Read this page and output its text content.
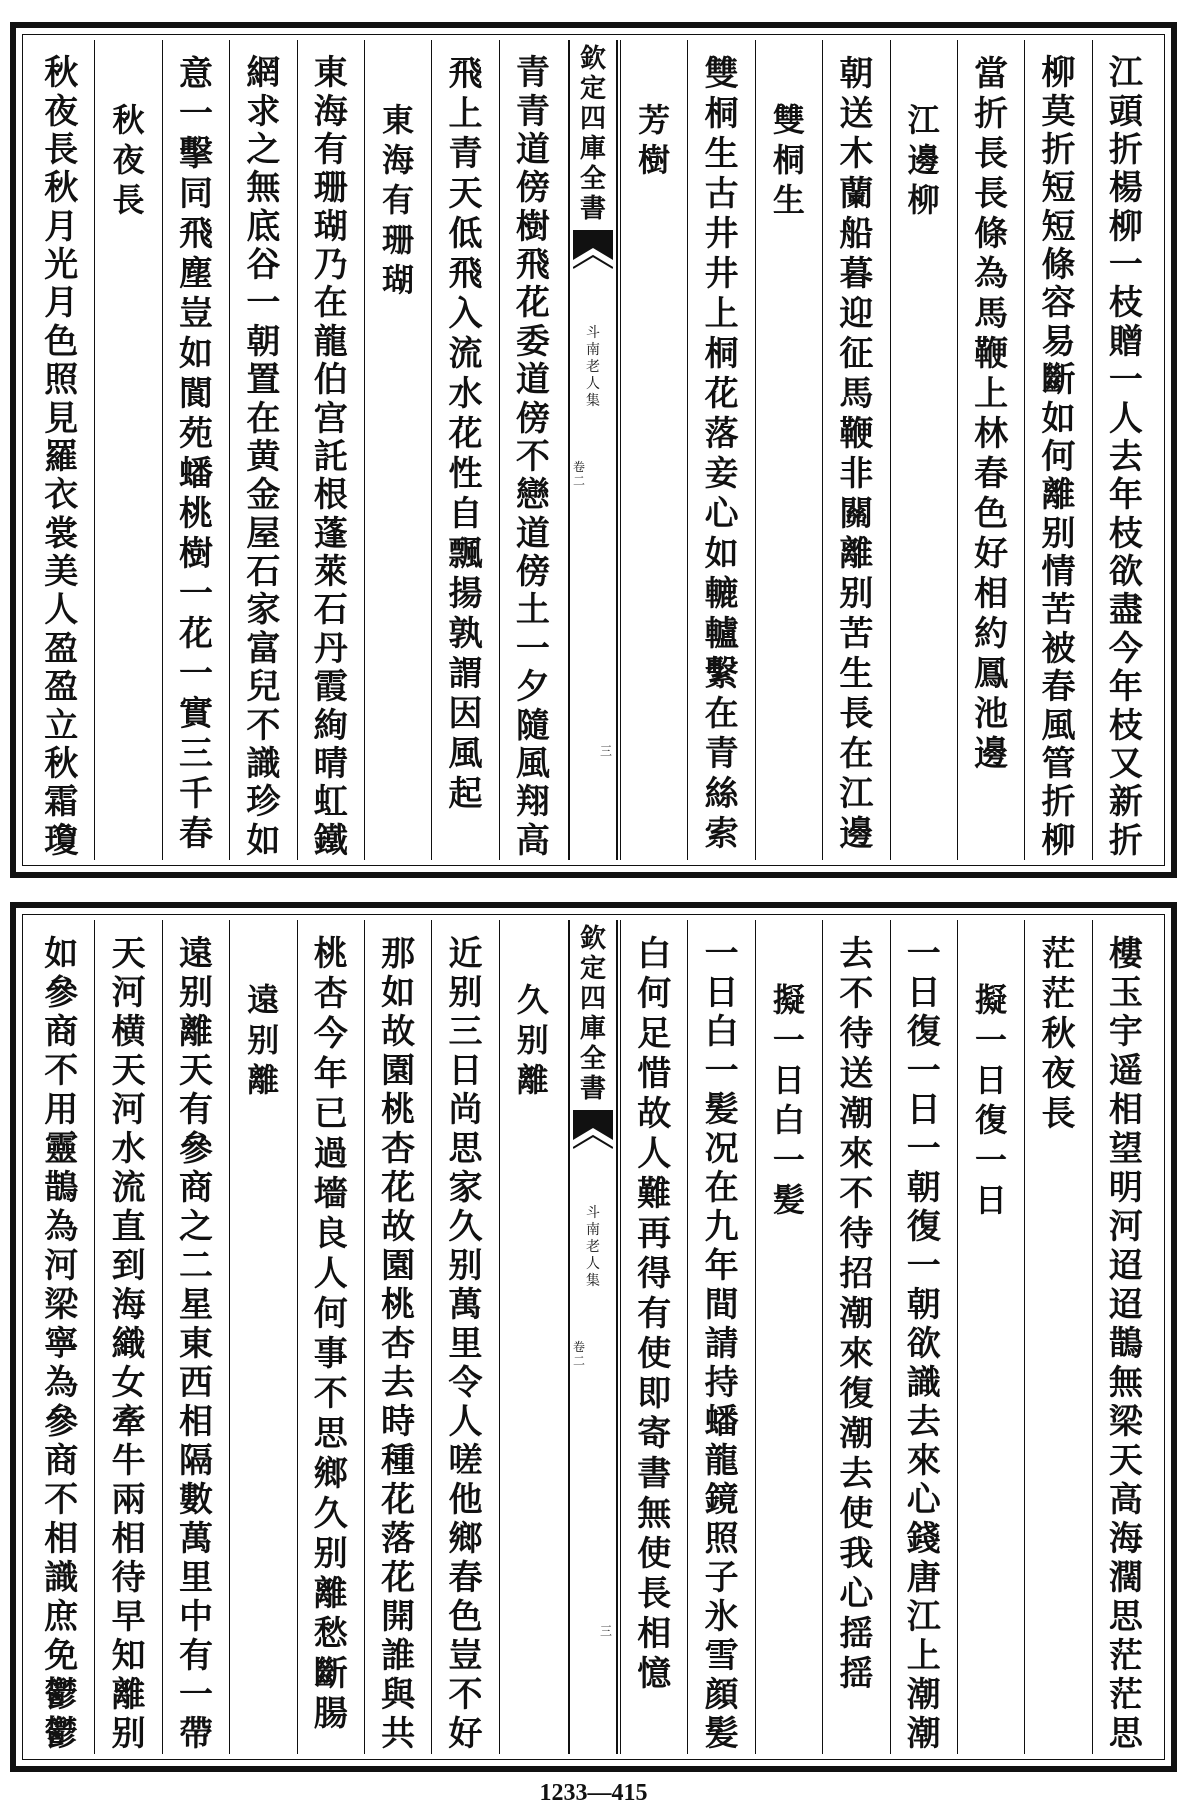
江
頭
折
楊
柳
一
枝
贈
一
人
去
年
枝
欲
盡
今
年
枝
又
新
折
柳
莫
折
短
短
條
容
易
斷
如
何
離
别
情
苦
被
春
風
管
折
柳
當
折
長
長
條
為
馬
鞭
上
林
春
色
好
相
約
鳳
池
邊
江
邊
柳
朝
送
木
蘭
船
暮
迎
征
馬
鞭
非
關
離
别
苦
生
長
在
江
邊
雙
桐
生
雙
桐
生
古
井
井
上
桐
花
落
妾
心
如
轆
轤
繫
在
青
絲
索
芳
樹
欽
定
四
庫
全
書
斗
南
老
人
集
卷
二
三
青
青
道
傍
樹
飛
花
委
道
傍
不
戀
道
傍
土
一
夕
隨
風
翔
高
飛
上
青
天
低
飛
入
流
水
花
性
自
飄
揚
孰
謂
因
風
起
東
海
有
珊
瑚
東
海
有
珊
瑚
乃
在
龍
伯
宫
託
根
蓬
萊
石
丹
霞
絢
晴
虹
鐵
網
求
之
無
底
谷
一
朝
置
在
黄
金
屋
石
家
富
兒
不
識
珍
如
意
一
擊
同
飛
塵
豈
如
閬
苑
蟠
桃
樹
一
花
一
實
三
千
春
秋
夜
長
秋
夜
長
秋
月
光
月
色
照
見
羅
衣
裳
美
人
盈
盈
立
秋
霜
瓊
樓
玉
宇
遥
相
望
明
河
迢
迢
鵲
無
梁
天
高
海
濶
思
茫
茫
思
茫
茫
秋
夜
長
擬
一
日
復
一
日
一
日
復
一
日
一
朝
復
一
朝
欲
識
去
來
心
錢
唐
江
上
潮
潮
去
不
待
送
潮
來
不
待
招
潮
來
復
潮
去
使
我
心
揺
揺
擬
一
日
白
一
髪
一
日
白
一
髪
况
在
九
年
間
請
持
蟠
龍
鏡
照
子
氷
雪
顔
髪
白
何
足
惜
故
人
難
再
得
有
使
即
寄
書
無
使
長
相
憶
欽
定
四
庫
全
書
斗
南
老
人
集
卷
二
三
久
别
離
近
别
三
日
尚
思
家
久
别
萬
里
令
人
嗟
他
鄉
春
色
豈
不
好
那
如
故
園
桃
杏
花
故
園
桃
杏
去
時
種
花
落
花
開
誰
與
共
桃
杏
今
年
已
過
墻
良
人
何
事
不
思
鄉
久
别
離
愁
斷
腸
遠
别
離
遠
别
離
天
有
參
商
之
二
星
東
西
相
隔
數
萬
里
中
有
一
帶
天
河
横
天
河
水
流
直
到
海
織
女
牽
牛
兩
相
待
早
知
離
别
如
參
商
不
用
靈
鵲
為
河
梁
寧
為
參
商
不
相
識
庶
免
鬱
鬱
1233—415
